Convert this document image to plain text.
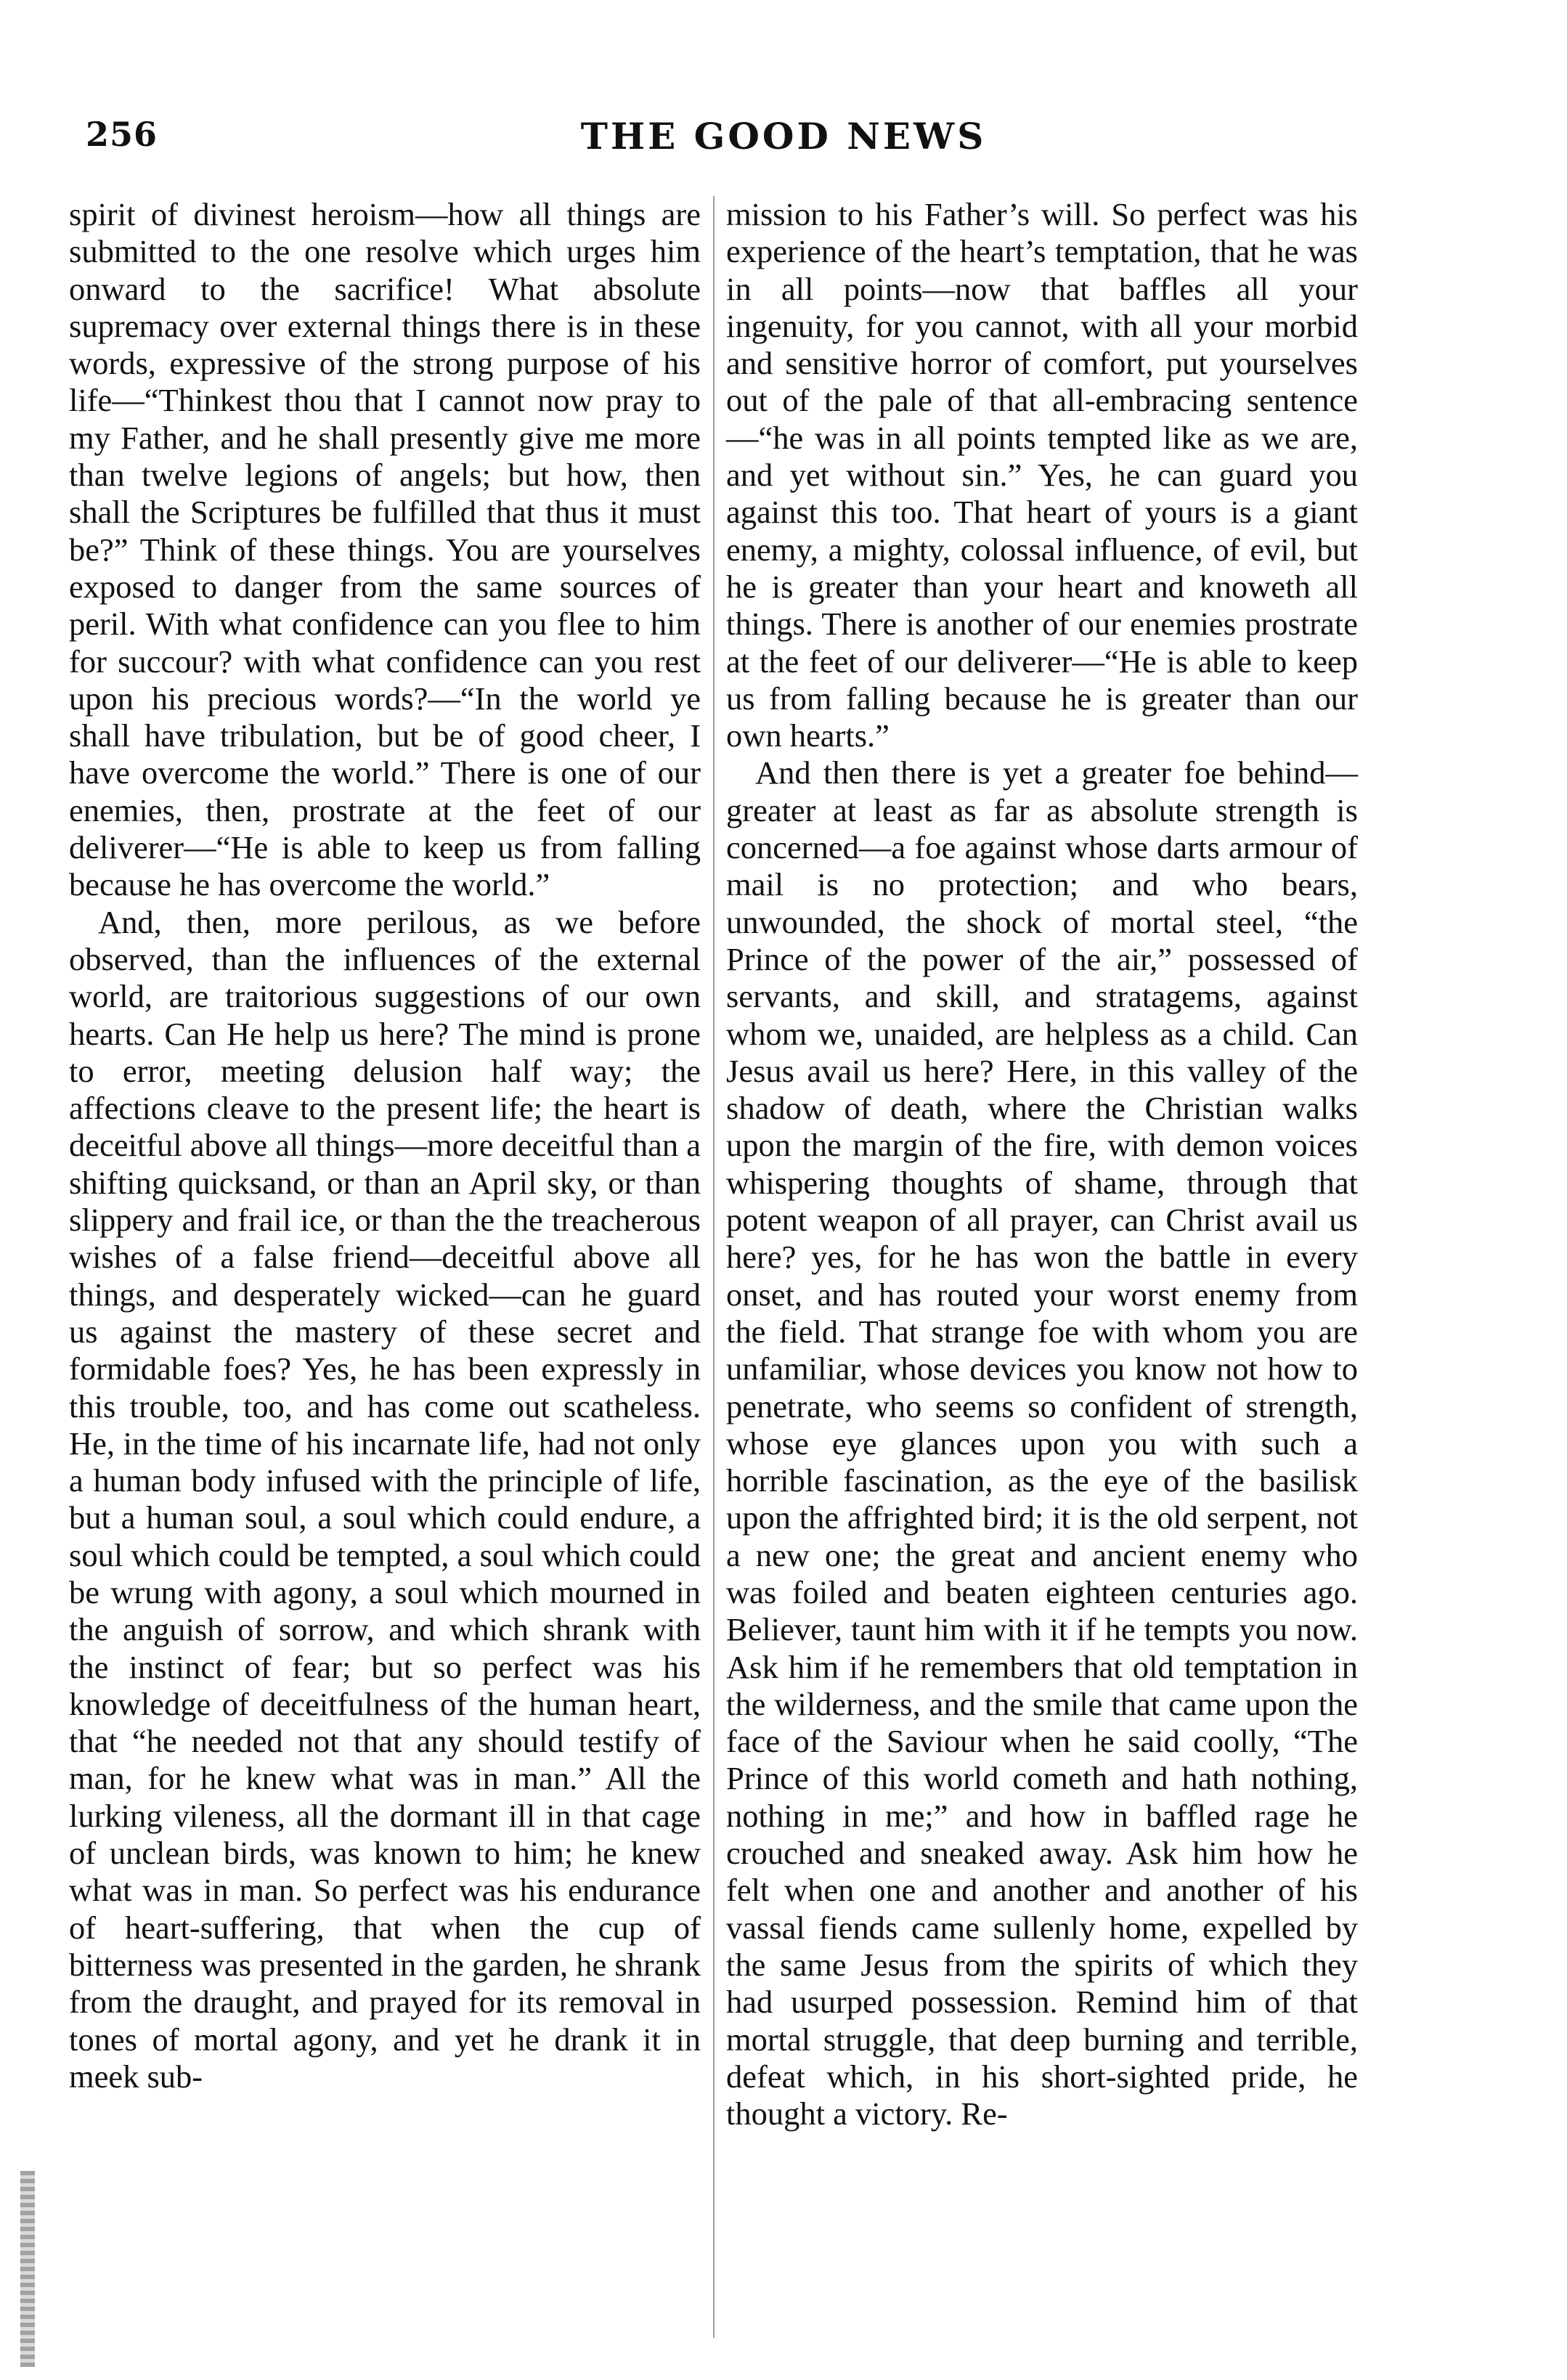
256	THE GOOD NEWS

spirit of divinest heroism—how all things are submitted to the one resolve which urges him onward to the sacrifice! What absolute supremacy over external things there is in these words, expressive of the strong purpose of his life—“Thinkest thou that I cannot now pray to my Father, and he shall presently give me more than twelve legions of angels; but how, then shall the Scriptures be fulfilled that thus it must be?” Think of these things. You are yourselves exposed to danger from the same sources of peril. With what confidence can you flee to him for succour? with what confidence can you rest upon his precious words?—“In the world ye shall have tribulation, but be of good cheer, I have overcome the world.” There is one of our enemies, then, prostrate at the feet of our deliverer—“He is able to keep us from falling because he has overcome the world.”

And, then, more perilous, as we before observed, than the influences of the external world, are traitorious suggestions of our own hearts. Can He help us here? The mind is prone to error, meeting delusion half way; the affections cleave to the present life; the heart is deceitful above all things—more deceitful than a shifting quicksand, or than an April sky, or than slippery and frail ice, or than the the treacherous wishes of a false friend—deceitful above all things, and desperately wicked—can he guard us against the mastery of these secret and formidable foes? Yes, he has been expressly in this trouble, too, and has come out scatheless. He, in the time of his incarnate life, had not only a human body infused with the principle of life, but a human soul, a soul which could endure, a soul which could be tempted, a soul which could be wrung with agony, a soul which mourned in the anguish of sorrow, and which shrank with the instinct of fear; but so perfect was his knowledge of deceitfulness of the human heart, that “he needed not that any should testify of man, for he knew what was in man.” All the lurking vileness, all the dormant ill in that cage of unclean birds, was known to him; he knew what was in man. So perfect was his endurance of heart-suffering, that when the cup of bitterness was presented in the garden, he shrank from the draught, and prayed for its removal in tones of mortal agony, and yet he drank it in meek sub-

mission to his Father’s will. So perfect was his experience of the heart’s temptation, that he was in all points—now that baffles all your ingenuity, for you cannot, with all your morbid and sensitive horror of comfort, put yourselves out of the pale of that all-embracing sentence—“he was in all points tempted like as we are, and yet without sin.” Yes, he can guard you against this too. That heart of yours is a giant enemy, a mighty, colossal influence, of evil, but he is greater than your heart and knoweth all things. There is another of our enemies prostrate at the feet of our deliverer—“He is able to keep us from falling because he is greater than our own hearts.”

And then there is yet a greater foe behind—greater at least as far as absolute strength is concerned—a foe against whose darts armour of mail is no protection; and who bears, unwounded, the shock of mortal steel, “the Prince of the power of the air,” possessed of servants, and skill, and stratagems, against whom we, unaided, are helpless as a child. Can Jesus avail us here? Here, in this valley of the shadow of death, where the Christian walks upon the margin of the fire, with demon voices whispering thoughts of shame, through that potent weapon of all prayer, can Christ avail us here? yes, for he has won the battle in every onset, and has routed your worst enemy from the field. That strange foe with whom you are unfamiliar, whose devices you know not how to penetrate, who seems so confident of strength, whose eye glances upon you with such a horrible fascination, as the eye of the basilisk upon the affrighted bird; it is the old serpent, not a new one; the great and ancient enemy who was foiled and beaten eighteen centuries ago. Believer, taunt him with it if he tempts you now. Ask him if he remembers that old temptation in the wilderness, and the smile that came upon the face of the Saviour when he said coolly, “The Prince of this world cometh and hath nothing, nothing in me;” and how in baffled rage he crouched and sneaked away. Ask him how he felt when one and another and another of his vassal fiends came sullenly home, expelled by the same Jesus from the spirits of which they had usurped possession. Remind him of that mortal struggle, that deep burning and terrible, defeat which, in his short-sighted pride, he thought a victory. Re-
